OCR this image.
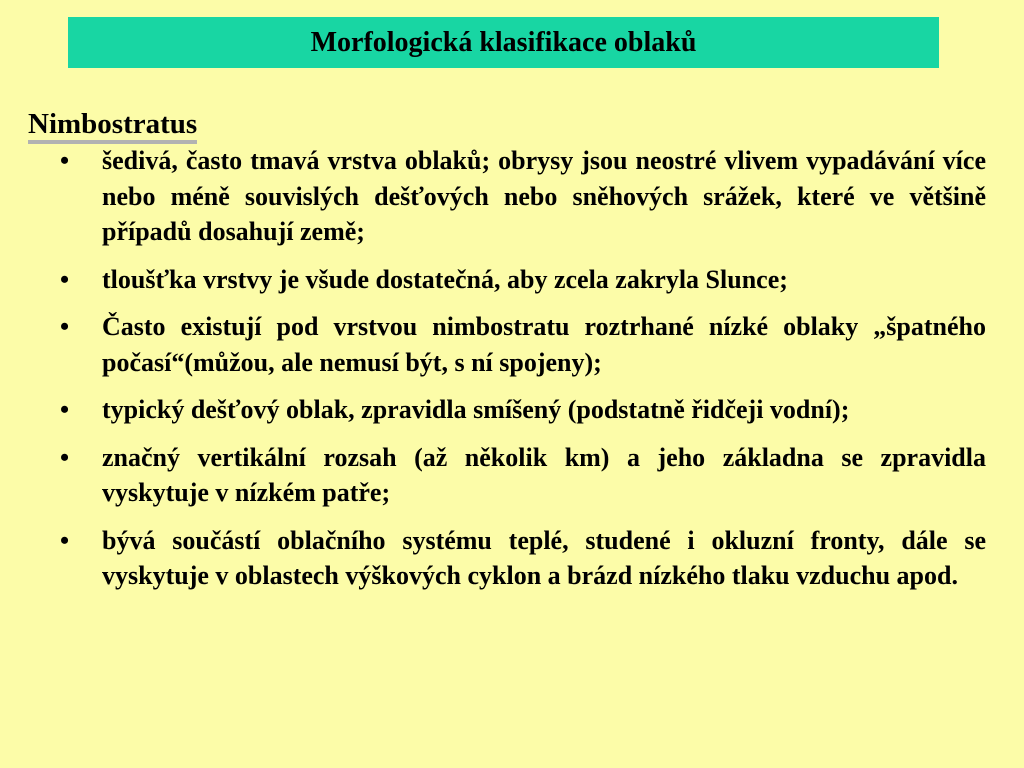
Morfologická klasifikace oblaků
Nimbostratus
•	šedivá, často tmavá vrstva oblaků; obrysy jsou neostré vlivem vypadávání více nebo méně souvislých dešťových nebo sněhových srážek, které ve většině případů dosahují země;
•	tloušťka vrstvy je všude dostatečná, aby zcela zakryla Slunce;
•	Často existují pod vrstvou nimbostratu roztrhané nízké oblaky „špatného počasí“(můžou, ale nemusí být, s ní spojeny);
•	typický dešťový oblak, zpravidla smíšený (podstatně řidčeji vodní);
•	značný vertikální rozsah (až několik km) a jeho základna se zpravidla vyskytuje v nízkém patře;
•	bývá součástí oblačního systému teplé, studené i okluzní fronty, dále se vyskytuje v oblastech výškových cyklon a brázd nízkého tlaku vzduchu apod.
